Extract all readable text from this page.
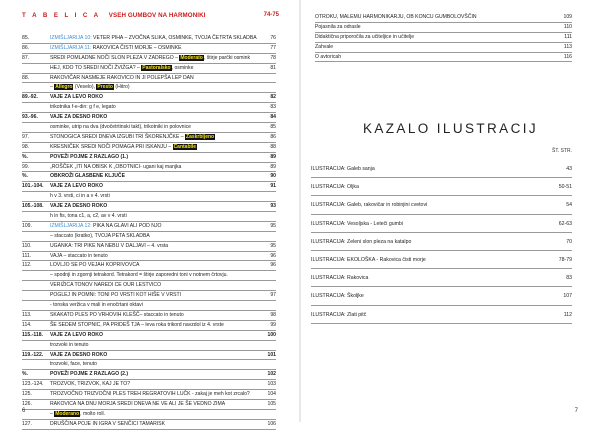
T A B E L I C A VSEH GUMBOV NA HARMONIKI	74-75
85.	IZMIŠLJARIJA 10: VETER PIHA – ZVOČNA SLIKA, OSMINKE, TVOJA ČETRTA SKLADBA	76
86.	IZMIŠLJARIJA 11: RAKOVICA ČISTI MORJE – OSMINKE	77
87.	SREDI POMLADNE NOČI SLON PLEZA V ZADREGO – Moderato, štirje parčki osmink	78
HEJ, KDO TO SREDI NOČI ŽVIŽGA? – Pastoralsko, osminke	81
88.	RAKOVIČAR NASMEJE RAKOVICO IN JI POLEPŠA LEP DAN
– Allegro (Veselo), Presto (Hitro)
89.-92. VAJE ZA LEVO ROKO	82
trikotnika f-e-din: g f e, legato	83
93.-96. VAJE ZA DESNO ROKO	84
osminke, utrip na dva (dvočetrtinski takt), trikotniki in polovnice	85
97.	STONOGICA SREDI DNEVA IZGUBI TRI ŠKORENJČKE – Zaskrbljeno	86
98.	KRESNIČEK SREDI NOČI POMAGA PRI ISKANJU – Cantabile	88
%.	POVEŽI POJME Z RAZLAGO (1.)	89
99.	„ROŠČEK „ITI NA OBISK K „OBOTNICI- ugani kaj manjka	89
%.	OBKROŽI GLASBENE KLJUČE	90
101.-104. VAJE ZA LEVO ROKO	91
h v 3. vrsti, ci in a v 4. vrsti
105.-108. VAJE ZA DESNO ROKO	93
h in fis, tona c1, a, c2, av v 4. vrsti
109.	IZMIŠLJARIJA 12: PIKA NA GLAVI ALI POD NJO	95
– staccato (kratko), TVOJA PETA SKLADBA
110.	UGANKA: TRI PIKE NA NEBU V DALJAVI – 4. vrsta	95
111.	VAJA – staccato in tenuto	96
112.	LOVLJO SE PO VEJAH KOPRIVOVCA	96
– spodnji in zgornji tetrakord. Tetrakord = štirje zaporedni toni v notnem črtovju.
VERIŽICA TONOV NAREDI CE OUR LESTVICO
POGLEJ IN POMNI: TONI PO VRSTI KOT HIŠE V VRSTI	97
- tonska veržica v mali in enočrtani oktavi
113.	SKAKATO PLES PO VRHOVIH KLEŠČ– staccato in tenuto	98
114.	ŠE SEDEM STOPNIC, PA PRIDEŠ TJA – leva roka trikord navzdol iz 4. vrste	99
115.-118. VAJE ZA LEVO ROKO	100
trozvoki in tenuto
119.-122. VAJE ZA DESNO ROKO	101
trozvoki, face, tenuto
%.	POVEŽI POJME Z RAZLAGO (2.)	102
123.-124. TROZVOK, TRIZVOK, KAJ JE TO?	103
125.	TROZVOČNO TRIZVOČNI PLES TREH REGRATOVIH LUČK - zakaj je meh kot zrcalo?	104
126.	RAKOVICA NA DNU MORJA SREDI DNEVA NE VE ALI JE ŠE VEDNO ZIMA	105
– Moderano, molto roll.
127.	DRUŠČINA POJE IN IGRA V SENČICI TAMARISK	106
6
OTROKU, MALEMU HARMONIKARJU, OB KONCU GUMBOLOVŠČIN	109
Pojasnila za odrasle	110
Didaktična priporočila za učiteljice in učitelje	111
Zahvale	113
O avtoricah	116
KAZALO ILUSTRACIJ
ŠT. STR.
ILUSTRACIJA: Galeb sanja	43
ILUSTRACIJA: Oljka	50-51
ILUSTRACIJA: Galeb, rakovičar in robinjini cvetovi	54
ILUSTRACIJA: Vesoljska - Leteči gumbi	62-63
ILUSTRACIJA: Zeleni slon pleza na katalpo	70
ILUSTRACIJA: EKOLOŠKA - Rakovica čisti morje	78-79
ILUSTRACIJA: Rakovica	83
ILUSTRACIJA: Školjke	107
ILUSTRACIJA: Zlati pitč	112
7
